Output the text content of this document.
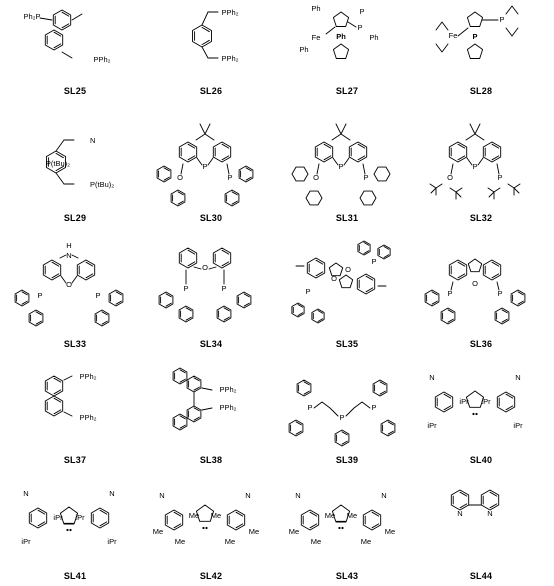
Ph₂P
PPh₂
SL25
PPh₂
PPh₂
SL26
Ph
Ph	P
Fe
P
Ph
Ph
SL27
P
Fe
P
SL28
P(tBu)₂
N
P(tBu)₂
SL29
P
O	P
SL30
P
O	P
SL31
P
O	P
SL32
H
N
O
P	P
SL33
O
P	P
SL34
O
O
P
P
SL35
O
P	P
SL36
PPh₂
PPh₂
SL37
PPh₂
PPh₂
SL38
P
P
P
SL39
iPr iPr
N	N
iPr	iPr
SL40
iPr iPr
N	N
iPr	iPr
SL41
Me Me
N	N
Me
Me	Me
Me
SL42
Me Me
N	N
Me
Me	Me
Me
SL43
N	N
SL44
